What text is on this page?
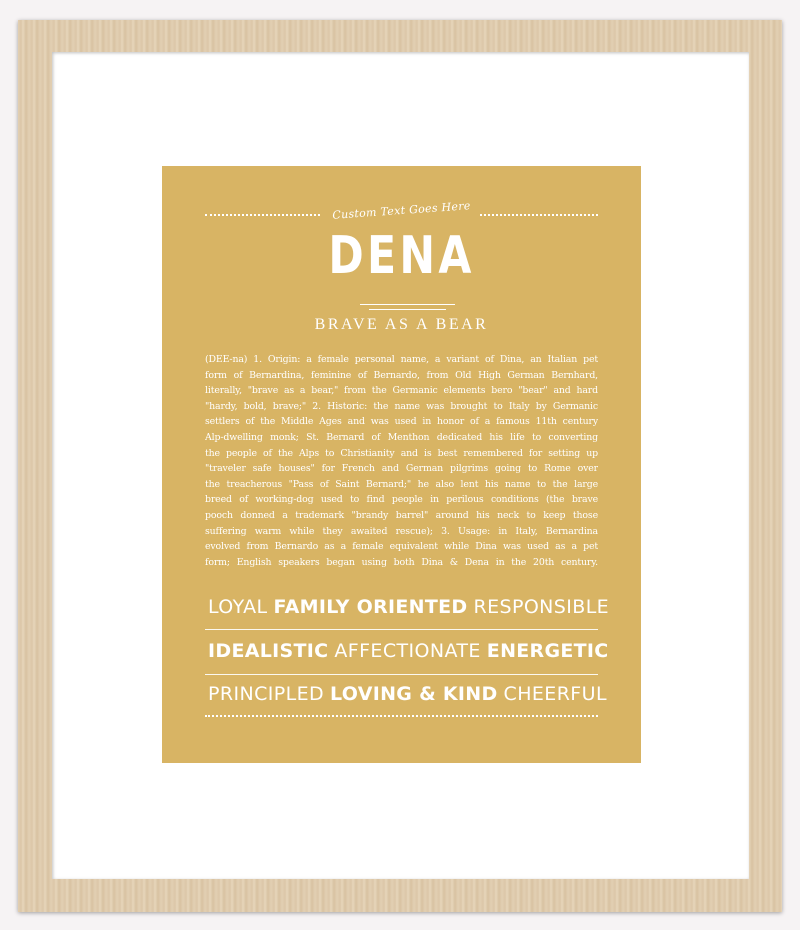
Custom Text Goes Here
DENA
BRAVE AS A BEAR
(DEE-na) 1. Origin: a female personal name, a variant of Dina, an Italian pet
form of Bernardina, feminine of Bernardo, from Old High German Bernhard,
literally, "brave as a bear," from the Germanic elements bero "bear" and hard
"hardy, bold, brave;" 2. Historic: the name was brought to Italy by Germanic
settlers of the Middle Ages and was used in honor of a famous 11th century
Alp-dwelling monk; St. Bernard of Menthon dedicated his life to converting
the people of the Alps to Christianity and is best remembered for setting up
"traveler safe houses" for French and German pilgrims going to Rome over
the treacherous "Pass of Saint Bernard;" he also lent his name to the large
breed of working-dog used to find people in perilous conditions (the brave
pooch donned a trademark "brandy barrel" around his neck to keep those
suffering warm while they awaited rescue); 3. Usage: in Italy, Bernardina
evolved from Bernardo as a female equivalent while Dina was used as a pet
form; English speakers began using both Dina & Dena in the 20th century.
LOYAL FAMILY ORIENTED RESPONSIBLE
IDEALISTIC AFFECTIONATE ENERGETIC
PRINCIPLED LOVING & KIND CHEERFUL
